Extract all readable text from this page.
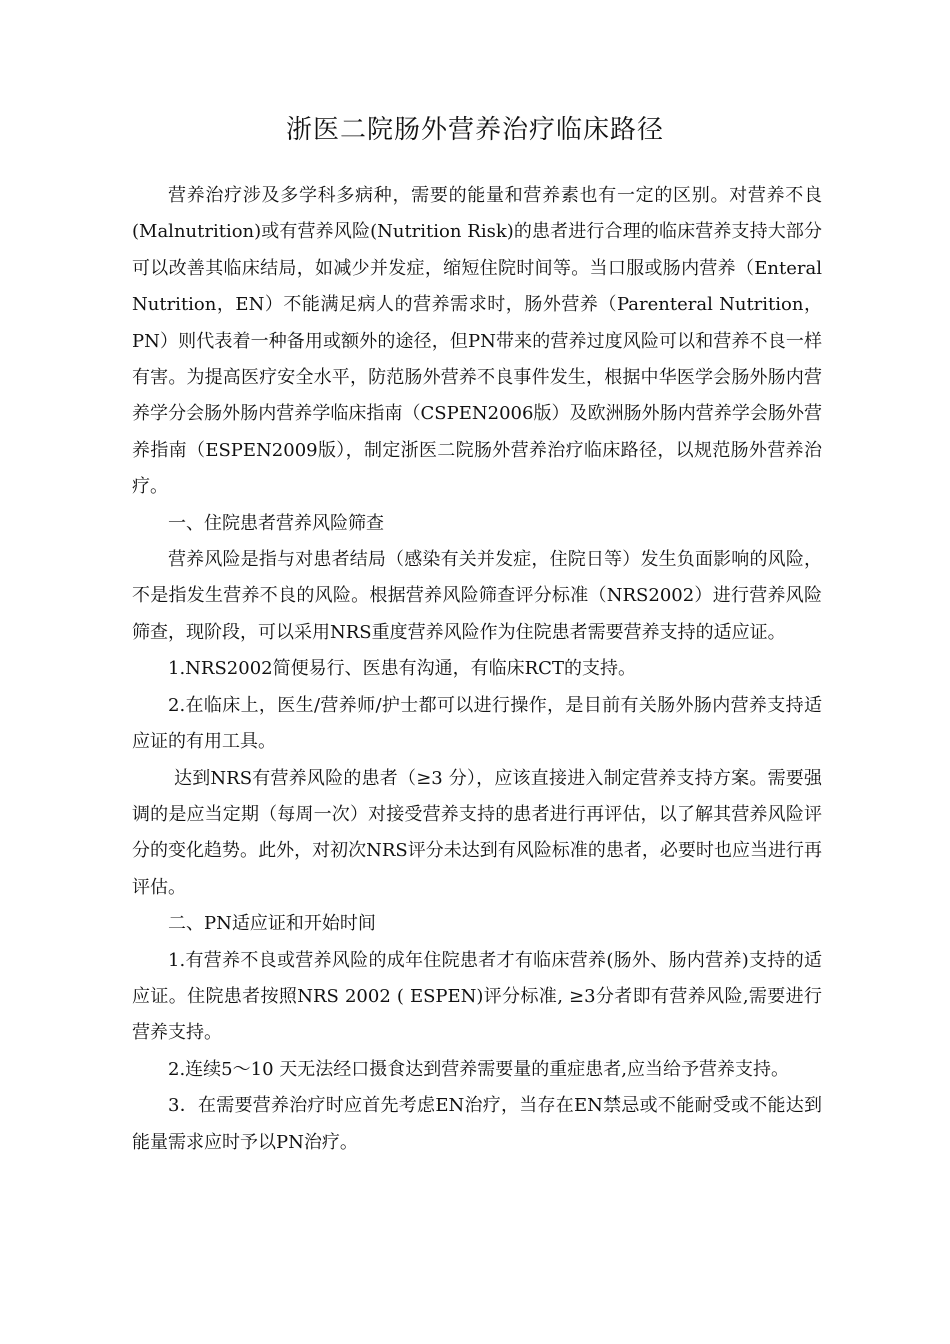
浙医二院肠外营养治疗临床路径

营养治疗涉及多学科多病种，需要的能量和营养素也有一定的区别。对营养不良(Malnutrition)或有营养风险(Nutrition Risk)的患者进行合理的临床营养支持大部分可以改善其临床结局，如减少并发症，缩短住院时间等。当口服或肠内营养（Enteral Nutrition，EN）不能满足病人的营养需求时，肠外营养（Parenteral Nutrition，PN）则代表着一种备用或额外的途径，但PN带来的营养过度风险可以和营养不良一样有害。为提高医疗安全水平，防范肠外营养不良事件发生，根据中华医学会肠外肠内营养学分会肠外肠内营养学临床指南（CSPEN2006版）及欧洲肠外肠内营养学会肠外营养指南（ESPEN2009版），制定浙医二院肠外营养治疗临床路径，以规范肠外营养治疗。

一、住院患者营养风险筛查

营养风险是指与对患者结局（感染有关并发症，住院日等）发生负面影响的风险，不是指发生营养不良的风险。根据营养风险筛查评分标准（NRS2002）进行营养风险筛查，现阶段，可以采用NRS重度营养风险作为住院患者需要营养支持的适应证。

1.NRS2002简便易行、医患有沟通，有临床RCT的支持。

2.在临床上，医生/营养师/护士都可以进行操作，是目前有关肠外肠内营养支持适应证的有用工具。

达到NRS有营养风险的患者（≥3 分），应该直接进入制定营养支持方案。需要强调的是应当定期（每周一次）对接受营养支持的患者进行再评估，以了解其营养风险评分的变化趋势。此外，对初次NRS评分未达到有风险标准的患者，必要时也应当进行再评估。

二、PN适应证和开始时间

1.有营养不良或营养风险的成年住院患者才有临床营养(肠外、肠内营养)支持的适应证。住院患者按照NRS 2002 ( ESPEN)评分标准, ≥3分者即有营养风险,需要进行营养支持。

2.连续5～10 天无法经口摄食达到营养需要量的重症患者,应当给予营养支持。

3．在需要营养治疗时应首先考虑EN治疗，当存在EN禁忌或不能耐受或不能达到能量需求应时予以PN治疗。
